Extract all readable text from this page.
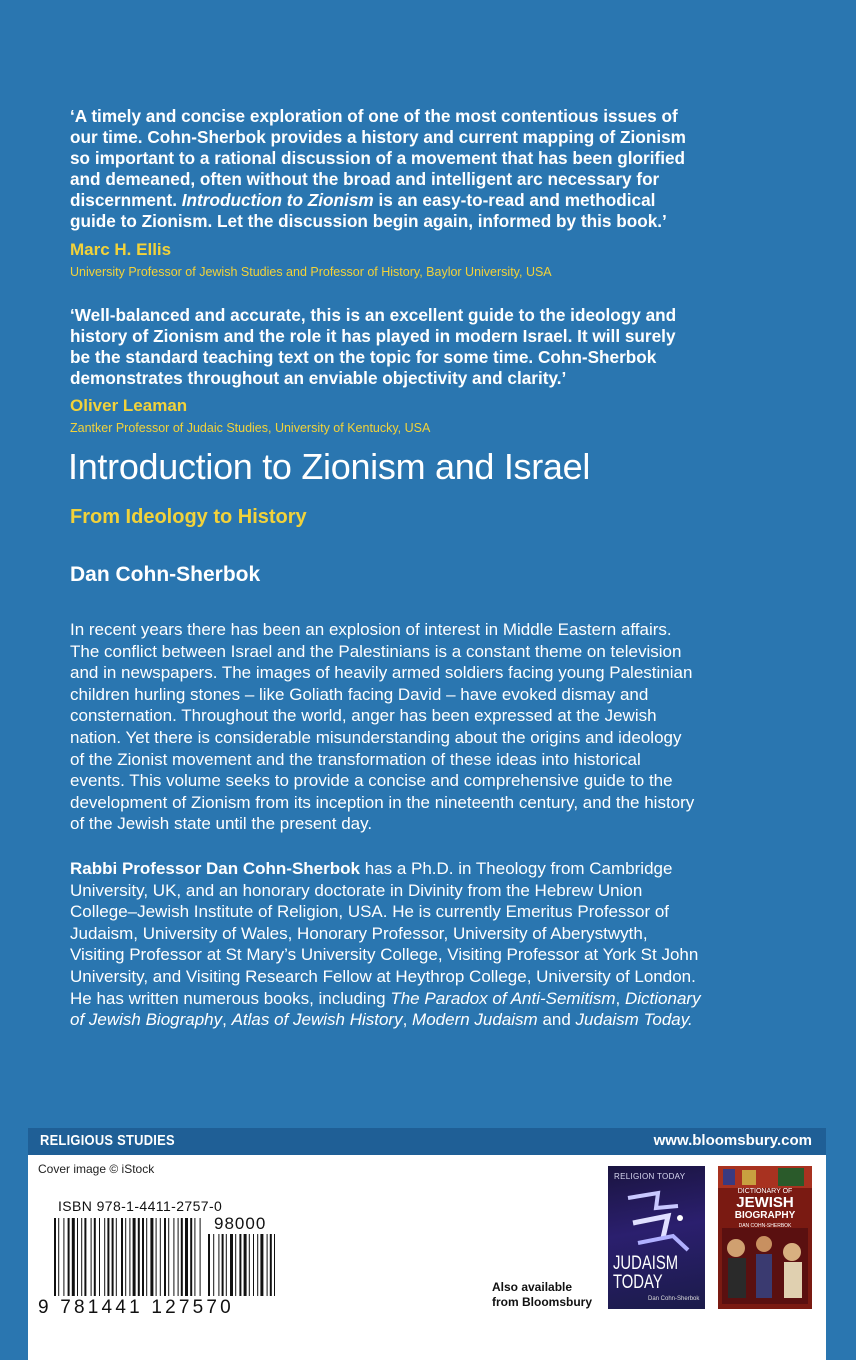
‘A timely and concise exploration of one of the most contentious issues of
our time. Cohn-Sherbok provides a history and current mapping of Zionism
so important to a rational discussion of a movement that has been glorified
and demeaned, often without the broad and intelligent arc necessary for
discernment. Introduction to Zionism is an easy-to-read and methodical
guide to Zionism. Let the discussion begin again, informed by this book.’
Marc H. Ellis
University Professor of Jewish Studies and Professor of History, Baylor University, USA
‘Well-balanced and accurate, this is an excellent guide to the ideology and
history of Zionism and the role it has played in modern Israel. It will surely
be the standard teaching text on the topic for some time. Cohn-Sherbok
demonstrates throughout an enviable objectivity and clarity.’
Oliver Leaman
Zantker Professor of Judaic Studies, University of Kentucky, USA
Introduction to Zionism and Israel
From Ideology to History
Dan Cohn-Sherbok
In recent years there has been an explosion of interest in Middle Eastern affairs.
The conflict between Israel and the Palestinians is a constant theme on television
and in newspapers. The images of heavily armed soldiers facing young Palestinian
children hurling stones – like Goliath facing David – have evoked dismay and
consternation. Throughout the world, anger has been expressed at the Jewish
nation. Yet there is considerable misunderstanding about the origins and ideology
of the Zionist movement and the transformation of these ideas into historical
events. This volume seeks to provide a concise and comprehensive guide to the
development of Zionism from its inception in the nineteenth century, and the history
of the Jewish state until the present day.
Rabbi Professor Dan Cohn-Sherbok has a Ph.D. in Theology from Cambridge
University, UK, and an honorary doctorate in Divinity from the Hebrew Union
College–Jewish Institute of Religion, USA. He is currently Emeritus Professor of
Judaism, University of Wales, Honorary Professor, University of Aberystwyth,
Visiting Professor at St Mary’s University College, Visiting Professor at York St John
University, and Visiting Research Fellow at Heythrop College, University of London.
He has written numerous books, including The Paradox of Anti-Semitism, Dictionary
of Jewish Biography, Atlas of Jewish History, Modern Judaism and Judaism Today.
RELIGIOUS STUDIES	www.bloomsbury.com
Cover image © iStock
ISBN 978-1-4411-2757-0
98000
9 781441 127570
Also available
from Bloomsbury
RELIGION TODAY
JUDAISM
TODAY
Dan Cohn-Sherbok
DICTIONARY OF
JEWISH
BIOGRAPHY
DAN COHN-SHERBOK
